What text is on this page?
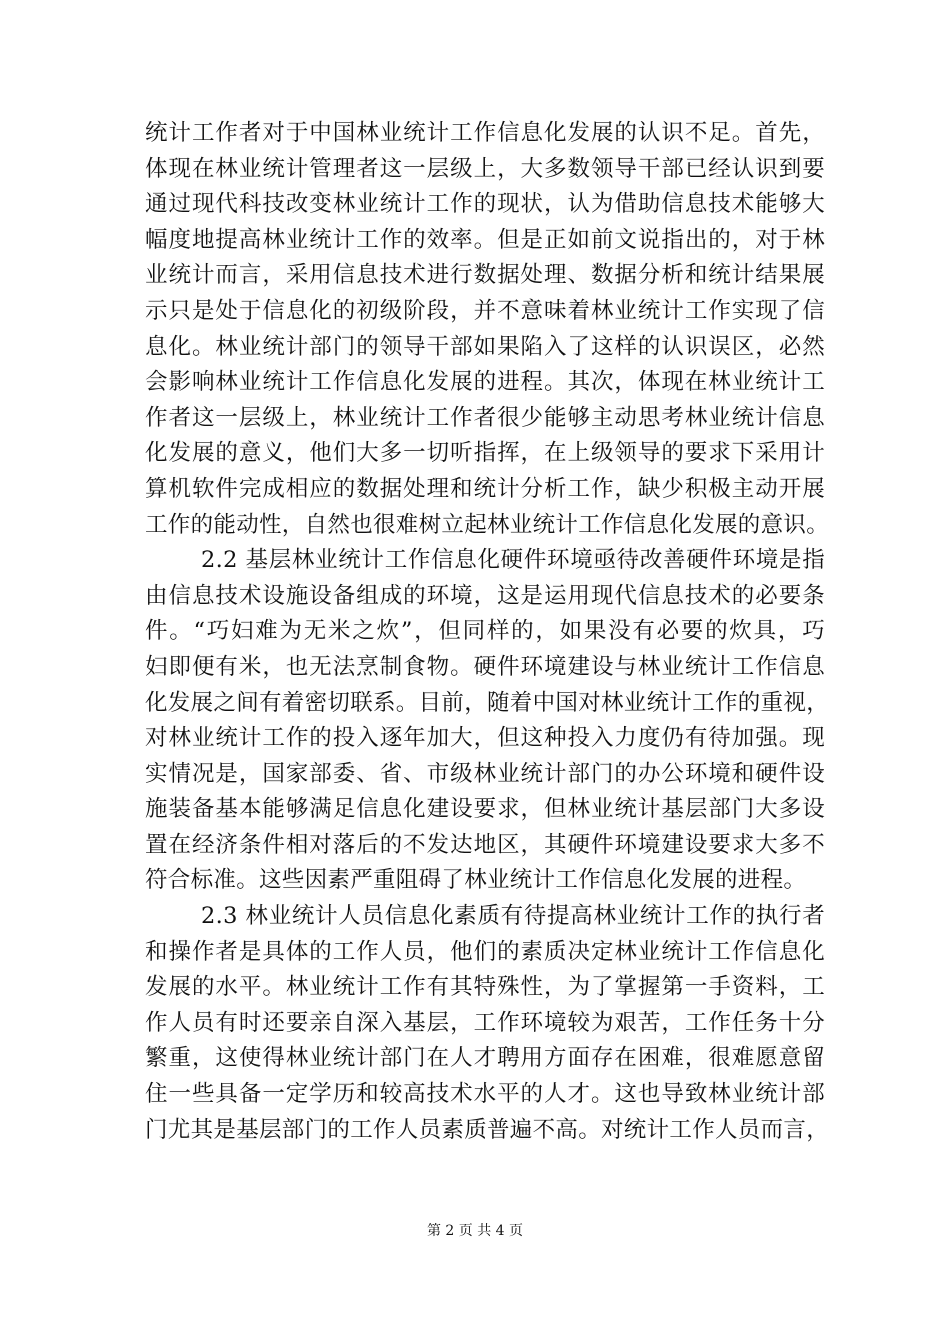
统计工作者对于中国林业统计工作信息化发展的认识不足。首先，
体现在林业统计管理者这一层级上，大多数领导干部已经认识到要
通过现代科技改变林业统计工作的现状，认为借助信息技术能够大
幅度地提高林业统计工作的效率。但是正如前文说指出的，对于林
业统计而言，采用信息技术进行数据处理、数据分析和统计结果展
示只是处于信息化的初级阶段，并不意味着林业统计工作实现了信
息化。林业统计部门的领导干部如果陷入了这样的认识误区，必然
会影响林业统计工作信息化发展的进程。其次，体现在林业统计工
作者这一层级上，林业统计工作者很少能够主动思考林业统计信息
化发展的意义，他们大多一切听指挥，在上级领导的要求下采用计
算机软件完成相应的数据处理和统计分析工作，缺少积极主动开展
工作的能动性，自然也很难树立起林业统计工作信息化发展的意识。
2.2 基层林业统计工作信息化硬件环境亟待改善硬件环境是指
由信息技术设施设备组成的环境，这是运用现代信息技术的必要条
件。“巧妇难为无米之炊”，但同样的，如果没有必要的炊具，巧
妇即便有米，也无法烹制食物。硬件环境建设与林业统计工作信息
化发展之间有着密切联系。目前，随着中国对林业统计工作的重视，
对林业统计工作的投入逐年加大，但这种投入力度仍有待加强。现
实情况是，国家部委、省、市级林业统计部门的办公环境和硬件设
施装备基本能够满足信息化建设要求，但林业统计基层部门大多设
置在经济条件相对落后的不发达地区，其硬件环境建设要求大多不
符合标准。这些因素严重阻碍了林业统计工作信息化发展的进程。
2.3 林业统计人员信息化素质有待提高林业统计工作的执行者
和操作者是具体的工作人员，他们的素质决定林业统计工作信息化
发展的水平。林业统计工作有其特殊性，为了掌握第一手资料，工
作人员有时还要亲自深入基层，工作环境较为艰苦，工作任务十分
繁重，这使得林业统计部门在人才聘用方面存在困难，很难愿意留
住一些具备一定学历和较高技术水平的人才。这也导致林业统计部
门尤其是基层部门的工作人员素质普遍不高。对统计工作人员而言，
第 2 页 共 4 页
